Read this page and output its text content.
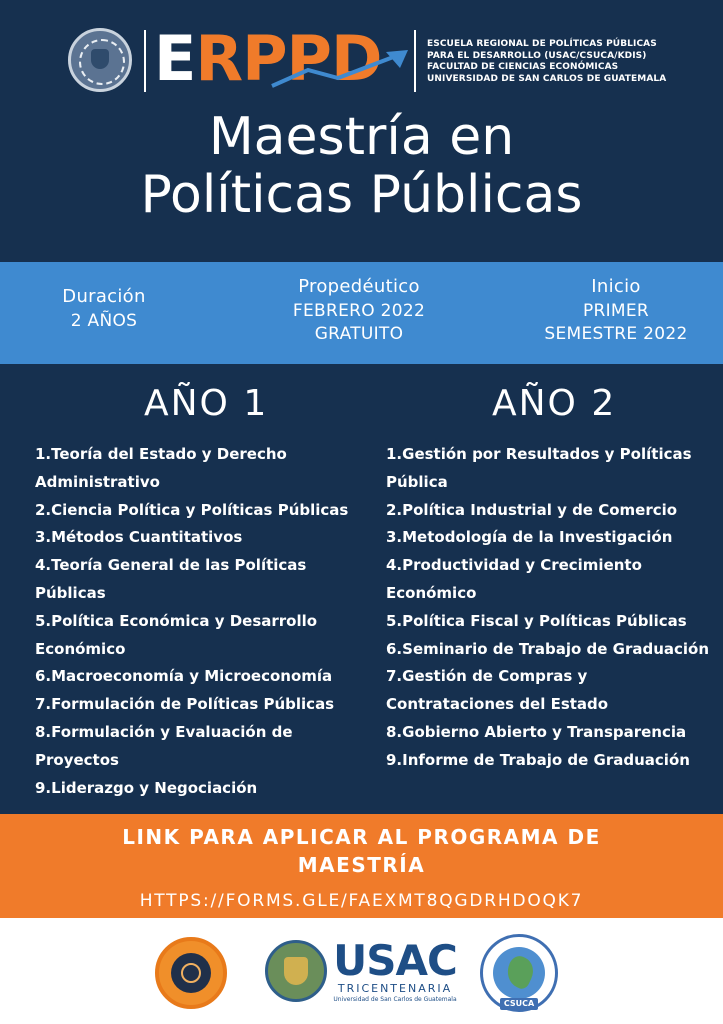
ERPPD	ESCUELA REGIONAL DE POLÍTICAS PÚBLICAS
PARA EL DESARROLLO (USAC/CSUCA/KDIS)
FACULTAD DE CIENCIAS ECONÓMICAS
UNIVERSIDAD DE SAN CARLOS DE GUATEMALA
Maestría en
Políticas Públicas
Duración
2 AÑOS
Propedéutico
FEBRERO 2022
GRATUITO
Inicio
PRIMER
SEMESTRE 2022
AÑO 1	AÑO 2
1.Teoría del Estado y Derecho
Administrativo
2.Ciencia Política y Políticas Públicas
3.Métodos Cuantitativos
4.Teoría General de las Políticas
Públicas
5.Política Económica y Desarrollo
Económico
6.Macroeconomía y Microeconomía
7.Formulación de Políticas Públicas
8.Formulación y Evaluación de
Proyectos
9.Liderazgo y Negociación
1.Gestión por Resultados y Políticas
Pública
2.Política Industrial y de Comercio
3.Metodología de la Investigación
4.Productividad y Crecimiento
Económico
5.Política Fiscal y Políticas Públicas
6.Seminario de Trabajo de Graduación
7.Gestión de Compras y
Contrataciones del Estado
8.Gobierno Abierto y Transparencia
9.Informe de Trabajo de Graduación
LINK PARA APLICAR AL PROGRAMA DE
MAESTRÍA
HTTPS://FORMS.GLE/FAEXMT8QGDRHDOQK7
USAC
TRICENTENARIA
Universidad de San Carlos de Guatemala	CSUCA
